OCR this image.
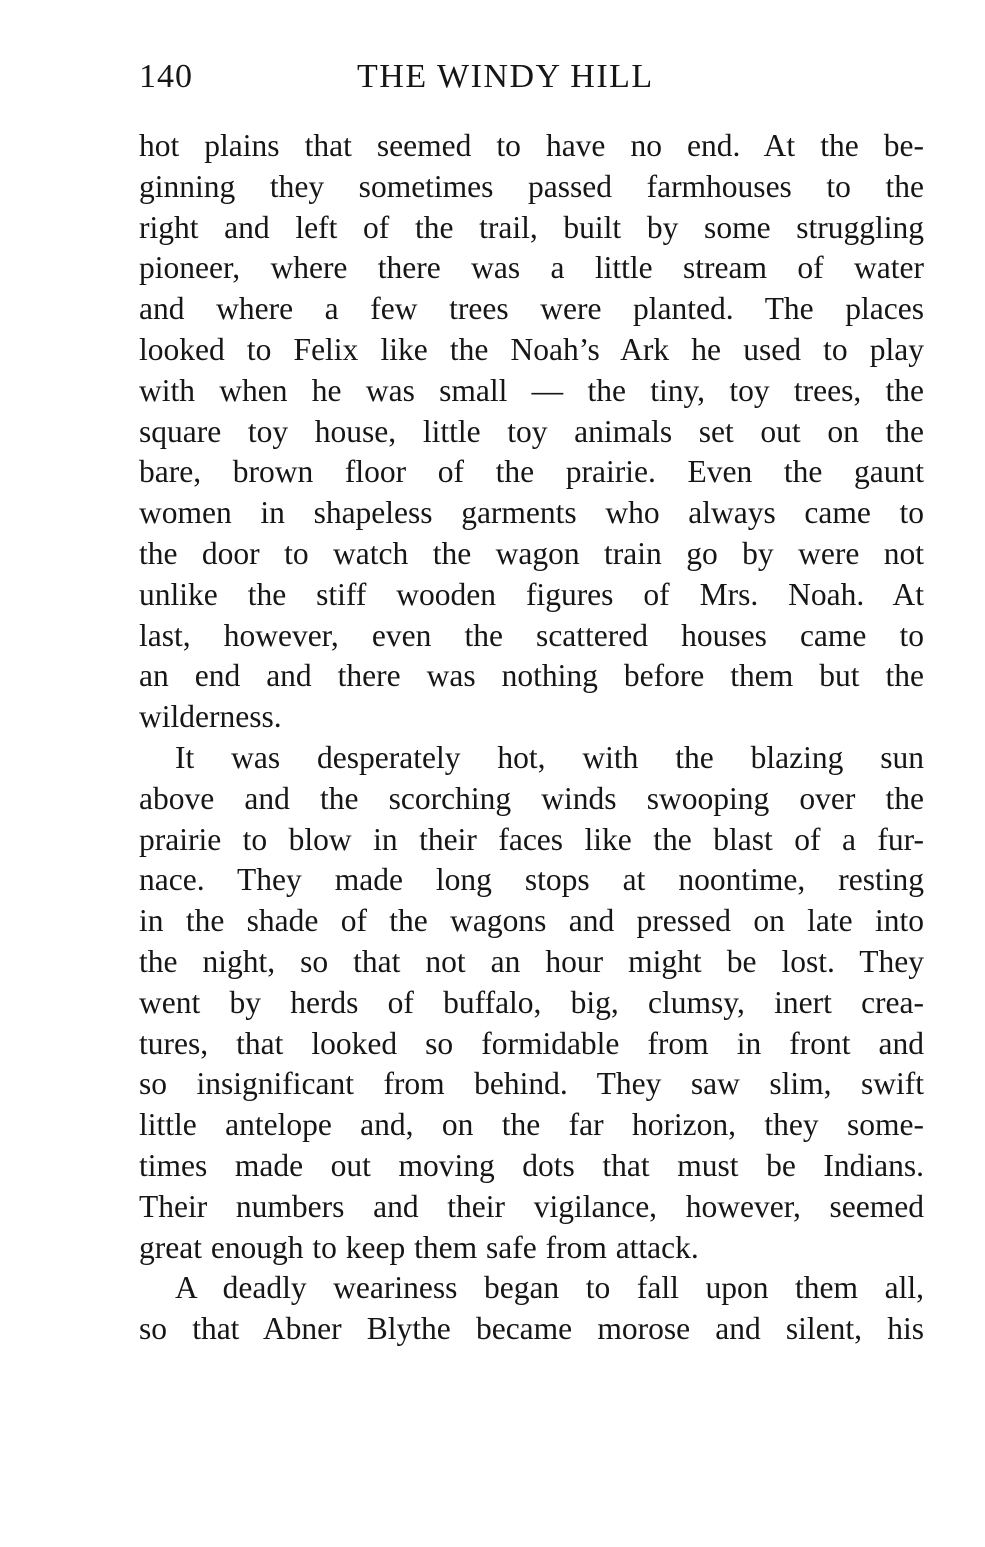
140	THE WINDY HILL
hot plains that seemed to have no end. At the be-
ginning they sometimes passed farmhouses to the
right and left of the trail, built by some struggling
pioneer, where there was a little stream of water
and where a few trees were planted. The places
looked to Felix like the Noah’s Ark he used to play
with when he was small — the tiny, toy trees, the
square toy house, little toy animals set out on the
bare, brown floor of the prairie. Even the gaunt
women in shapeless garments who always came to
the door to watch the wagon train go by were not
unlike the stiff wooden figures of Mrs. Noah. At
last, however, even the scattered houses came to
an end and there was nothing before them but the
wilderness.
It was desperately hot, with the blazing sun
above and the scorching winds swooping over the
prairie to blow in their faces like the blast of a fur-
nace. They made long stops at noontime, resting
in the shade of the wagons and pressed on late into
the night, so that not an hour might be lost. They
went by herds of buffalo, big, clumsy, inert crea-
tures, that looked so formidable from in front and
so insignificant from behind. They saw slim, swift
little antelope and, on the far horizon, they some-
times made out moving dots that must be Indians.
Their numbers and their vigilance, however, seemed
great enough to keep them safe from attack.
A deadly weariness began to fall upon them all,
so that Abner Blythe became morose and silent, his
